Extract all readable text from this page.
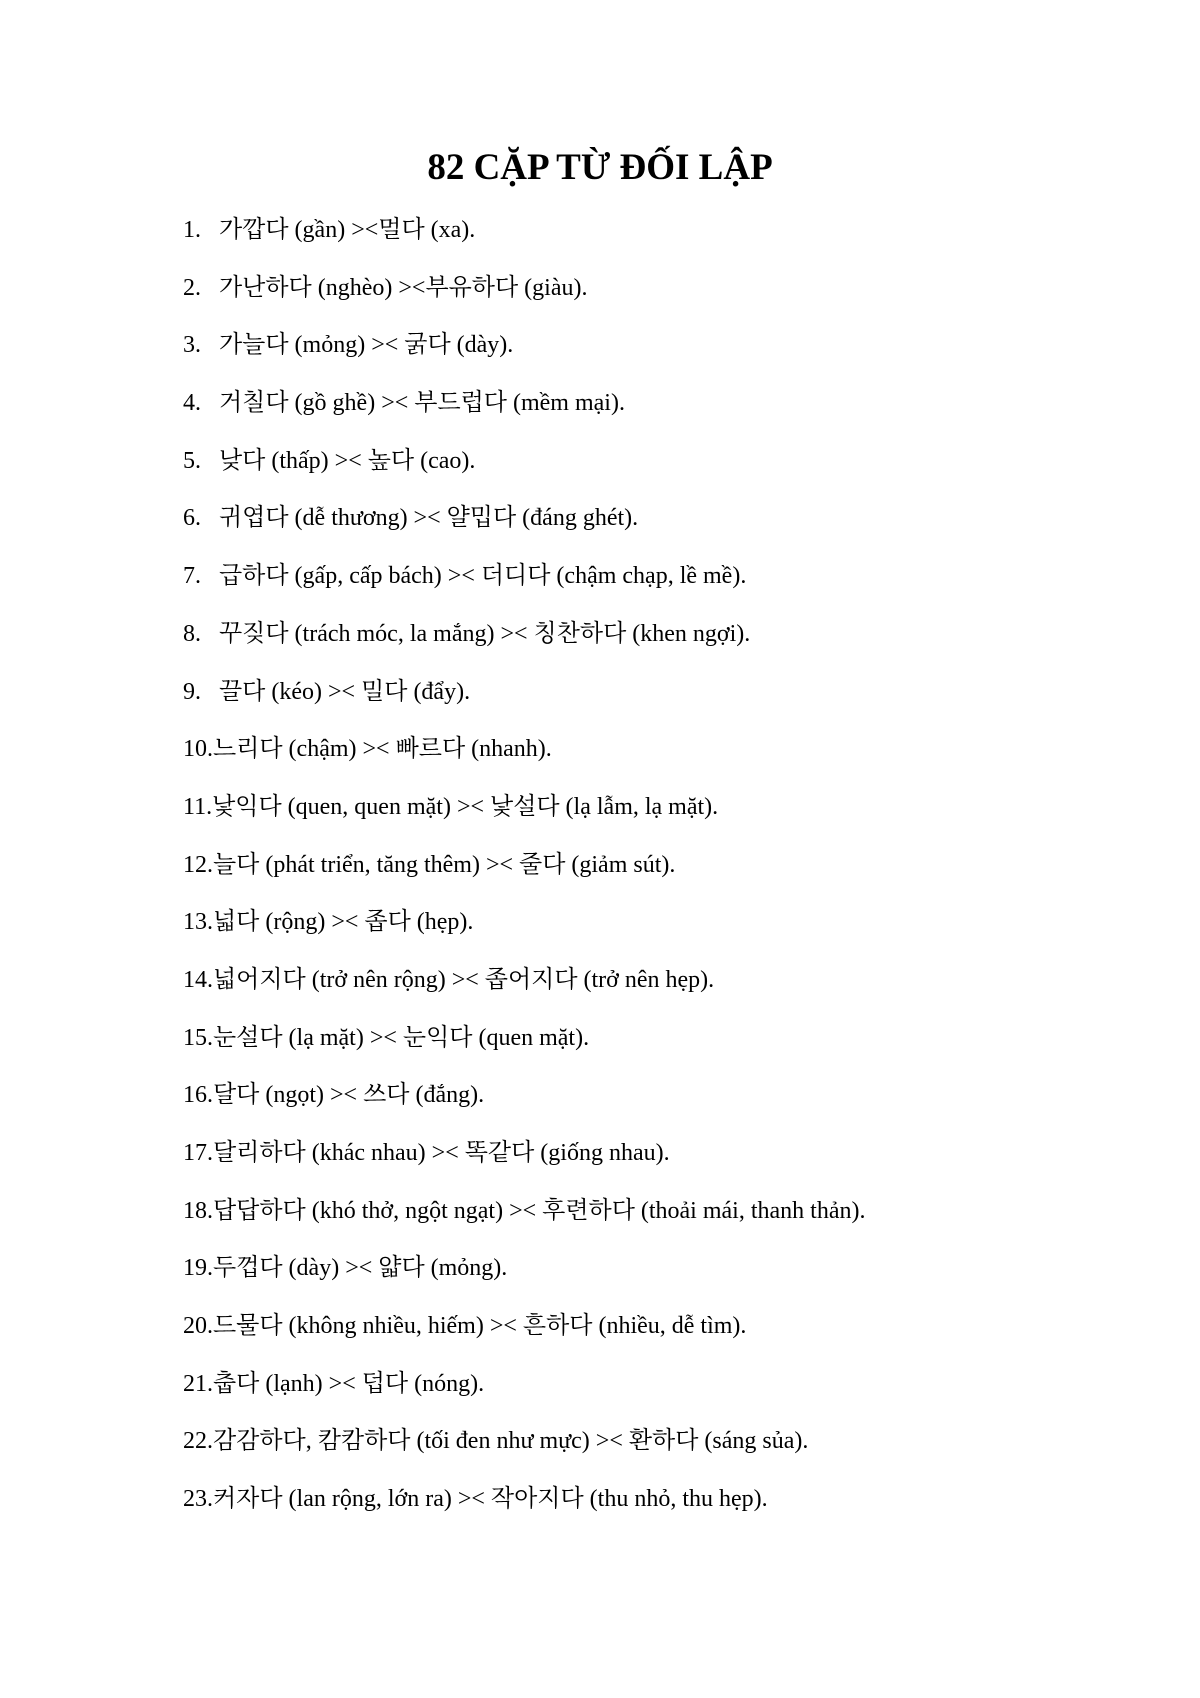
82 CẶP TỪ ĐỐI LẬP
1. 가깝다 (gần) ><멀다 (xa).
2. 가난하다 (nghèo) ><부유하다 (giàu).
3. 가늘다 (mỏng) >< 굵다 (dày).
4. 거칠다 (gồ ghề) >< 부드럽다 (mềm mại).
5. 낮다 (thấp) >< 높다 (cao).
6. 귀엽다 (dễ thương) >< 얄밉다 (đáng ghét).
7. 급하다 (gấp, cấp bách) >< 더디다 (chậm chạp, lề mề).
8. 꾸짖다 (trách móc, la mắng) >< 칭찬하다 (khen ngợi).
9. 끌다 (kéo) >< 밀다 (đẩy).
10.느리다 (chậm) >< 빠르다 (nhanh).
11.낯익다 (quen, quen mặt) >< 낯설다 (lạ lẫm, lạ mặt).
12.늘다 (phát triển, tăng thêm) >< 줄다 (giảm sút).
13.넓다 (rộng) >< 좁다 (hẹp).
14.넓어지다 (trở nên rộng) >< 좁어지다 (trở nên hẹp).
15.눈설다 (lạ mặt) >< 눈익다 (quen mặt).
16.달다 (ngọt) >< 쓰다 (đắng).
17.달리하다 (khác nhau) >< 똑같다 (giống nhau).
18.답답하다 (khó thở, ngột ngạt) >< 후련하다 (thoải mái, thanh thản).
19.두껍다 (dày) >< 얇다 (mỏng).
20.드물다 (không nhiều, hiếm) >< 흔하다 (nhiều, dễ tìm).
21.춥다 (lạnh) >< 덥다 (nóng).
22.감감하다, 캄캄하다 (tối đen như mực) >< 환하다 (sáng sủa).
23.커자다 (lan rộng, lớn ra) >< 작아지다 (thu nhỏ, thu hẹp).
